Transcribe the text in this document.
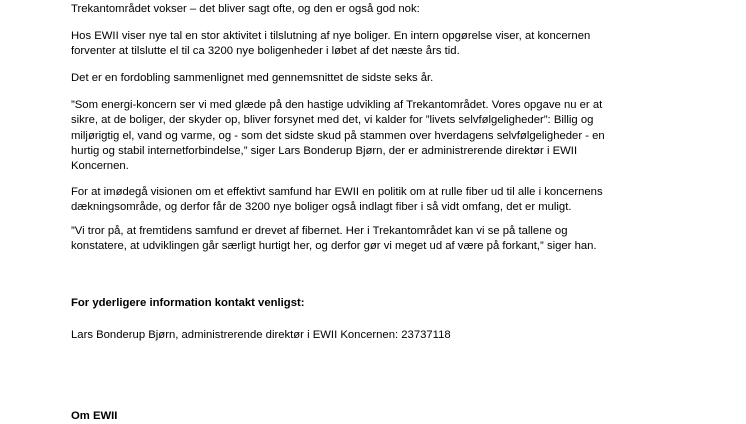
Trekantområdet vokser – det bliver sagt ofte, og den er også god nok:

Hos EWII viser nye tal en stor aktivitet i tilslutning af nye boliger. En intern opgørelse viser, at koncernen
forventer at tilslutte el til ca 3200 nye boligenheder i løbet af det næste års tid.

Det er en fordobling sammenlignet med gennemsnittet de sidste seks år.

”Som energi-koncern ser vi med glæde på den hastige udvikling af Trekantområdet. Vores opgave nu er at
sikre, at de boliger, der skyder op, bliver forsynet med det, vi kalder for ”livets selvfølgeligheder”: Billig og
miljørigtig el, vand og varme, og - som det sidste skud på stammen over hverdagens selvfølgeligheder - en
hurtig og stabil internetforbindelse,” siger Lars Bonderup Bjørn, der er administrerende direktør i EWII
Koncernen.

For at imødegå visionen om et effektivt samfund har EWII en politik om at rulle fiber ud til alle i koncernens
dækningsområde, og derfor får de 3200 nye boliger også indlagt fiber i så vidt omfang, det er muligt.

”Vi tror på, at fremtidens samfund er drevet af fibernet. Her i Trekantområdet kan vi se på tallene og
konstatere, at udviklingen går særligt hurtigt her, og derfor gør vi meget ud af være på forkant,” siger han.

For yderligere information kontakt venligst:

Lars Bonderup Bjørn, administrerende direktør i EWII Koncernen: 23737118

Om EWII
